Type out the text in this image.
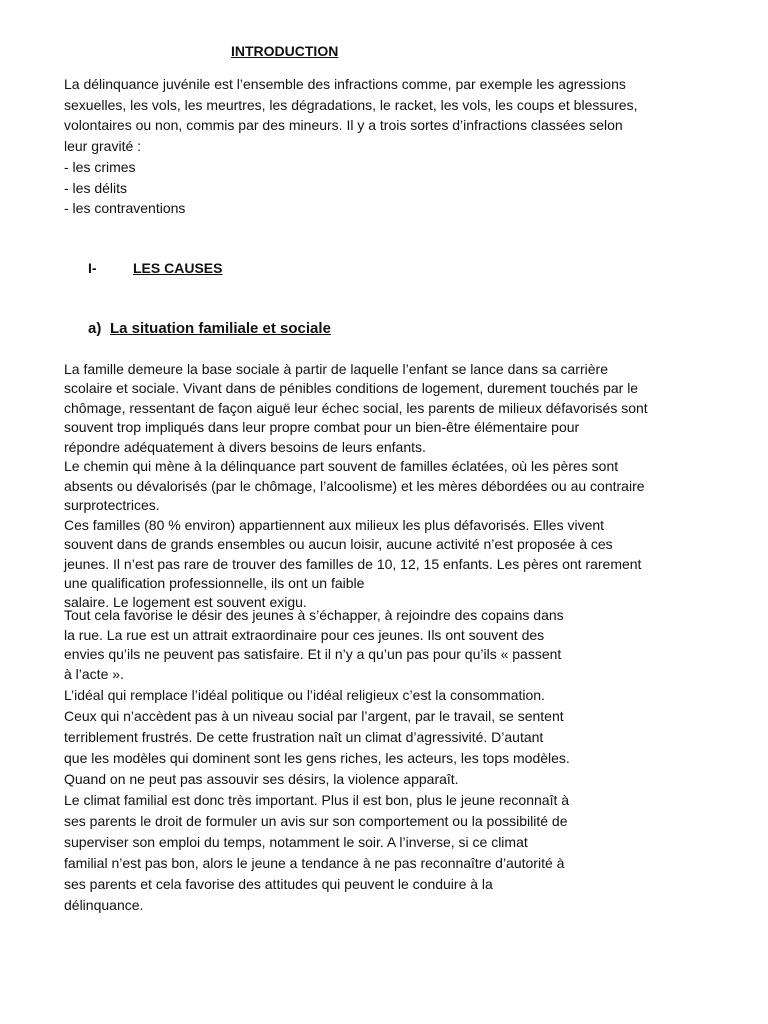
INTRODUCTION
La délinquance juvénile est l’ensemble des infractions comme, par exemple les agressions
sexuelles, les vols, les meurtres, les dégradations, le racket, les vols, les coups et blessures,
volontaires ou non, commis par des mineurs. Il y a trois sortes d’infractions classées selon
leur gravité :
- les crimes
- les délits
- les contraventions
I-	LES CAUSES
a) La situation familiale et sociale
La famille demeure la base sociale à partir de laquelle l’enfant se lance dans sa carrière
scolaire et sociale. Vivant dans de pénibles conditions de logement, durement touchés par le
chômage, ressentant de façon aiguë leur échec social, les parents de milieux défavorisés sont
souvent trop impliqués dans leur propre combat pour un bien-être élémentaire pour
répondre adéquatement à divers besoins de leurs enfants.
Le chemin qui mène à la délinquance part souvent de familles éclatées, où les pères sont
absents ou dévalorisés (par le chômage, l’alcoolisme) et les mères débordées ou au contraire
surprotectrices.
Ces familles (80 % environ) appartiennent aux milieux les plus défavorisés. Elles vivent
souvent dans de grands ensembles ou aucun loisir, aucune activité n’est proposée à ces
jeunes. Il n’est pas rare de trouver des familles de 10, 12, 15 enfants. Les pères ont rarement
une qualification professionnelle, ils ont un faible
salaire. Le logement est souvent exigu.
Tout cela favorise le désir des jeunes à s’échapper, à rejoindre des copains dans
la rue. La rue est un attrait extraordinaire pour ces jeunes. Ils ont souvent des
envies qu’ils ne peuvent pas satisfaire. Et il n’y a qu’un pas pour qu’ils « passent
à l’acte ».
L’idéal qui remplace l’idéal politique ou l’idéal religieux c’est la consommation.
Ceux qui n’accèdent pas à un niveau social par l’argent, par le travail, se sentent
terriblement frustrés. De cette frustration naît un climat d’agressivité. D’autant
que les modèles qui dominent sont les gens riches, les acteurs, les tops modèles.
Quand on ne peut pas assouvir ses désirs, la violence apparaît.
Le climat familial est donc très important. Plus il est bon, plus le jeune reconnaît à
ses parents le droit de formuler un avis sur son comportement ou la possibilité de
superviser son emploi du temps, notamment le soir. A l’inverse, si ce climat
familial n’est pas bon, alors le jeune a tendance à ne pas reconnaître d’autorité à
ses parents et cela favorise des attitudes qui peuvent le conduire à la
délinquance.
